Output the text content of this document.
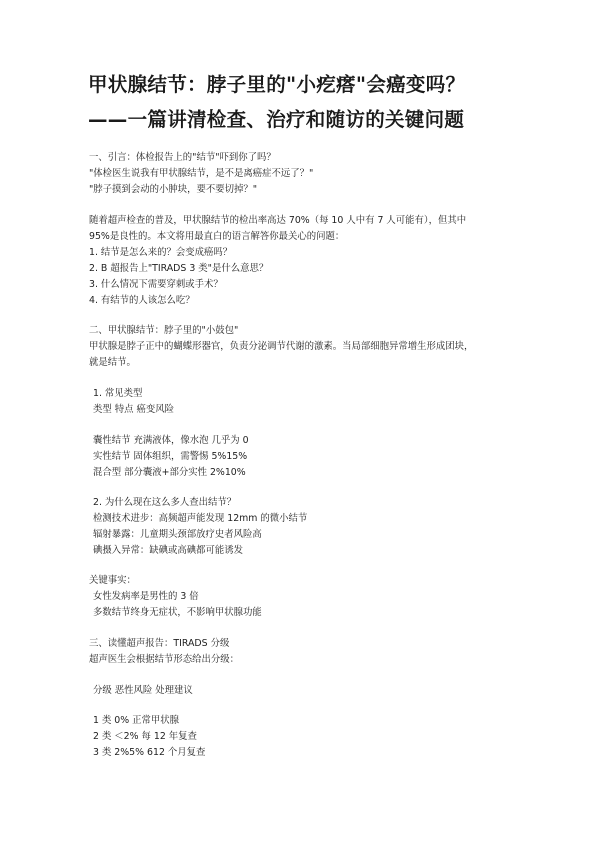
甲状腺结节：脖子里的"小疙瘩"会癌变吗？
——一篇讲清检查、治疗和随访的关键问题
一、引言：体检报告上的"结节"吓到你了吗？
"体检医生说我有甲状腺结节，是不是离癌症不远了？"
"脖子摸到会动的小肿块，要不要切掉？"
随着超声检查的普及，甲状腺结节的检出率高达 70%（每 10 人中有 7 人可能有），但其中
95%是良性的。本文将用最直白的语言解答你最关心的问题：
1. 结节是怎么来的？会变成癌吗？
2. B 超报告上"TIRADS 3 类"是什么意思？
3. 什么情况下需要穿刺或手术？
4. 有结节的人该怎么吃？
二、甲状腺结节：脖子里的"小鼓包"
甲状腺是脖子正中的蝴蝶形器官，负责分泌调节代谢的激素。当局部细胞异常增生形成团块，
就是结节。
1. 常见类型
类型 特点 癌变风险
囊性结节 充满液体，像水泡 几乎为 0
实性结节 固体组织，需警惕 5%15%
混合型 部分囊液+部分实性 2%10%
2. 为什么现在这么多人查出结节？
检测技术进步：高频超声能发现 12mm 的微小结节
辐射暴露：儿童期头颈部放疗史者风险高
碘摄入异常：缺碘或高碘都可能诱发
关键事实：
女性发病率是男性的 3 倍
多数结节终身无症状，不影响甲状腺功能
三、读懂超声报告：TIRADS 分级
超声医生会根据结节形态给出分级：
分级 恶性风险 处理建议
1 类 0% 正常甲状腺
2 类 ＜2% 每 12 年复查
3 类 2%5% 612 个月复查
